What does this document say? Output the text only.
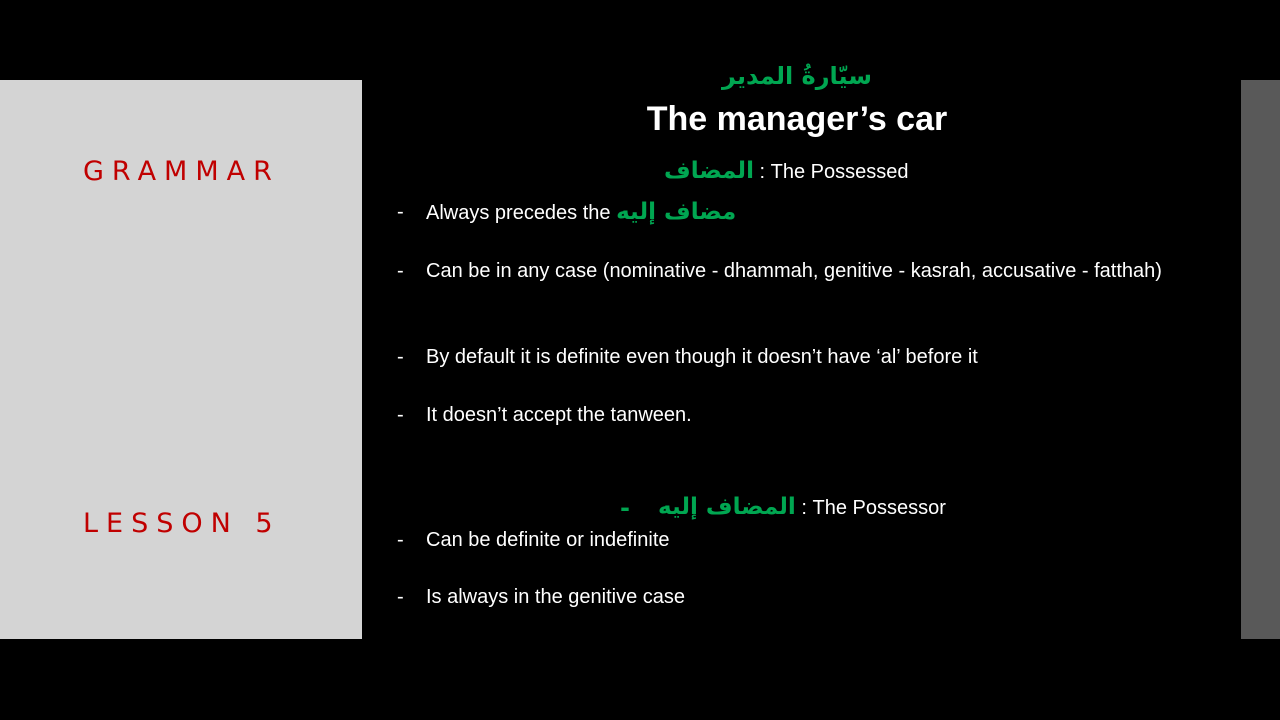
GRAMMAR
LESSON 5
سيّارةُ المدير
The manager’s car
المضاف : The Possessed
- Always precedes the مضاف إليه
- Can be in any case (nominative - dhammah, genitive - kasrah, accusative - fatthah)
- By default it is definite even though it doesn’t have ‘al’ before it
- It doesn’t accept the tanween.
- المضاف إليه : The Possessor
- Can be definite or indefinite
- Is always in the genitive case
